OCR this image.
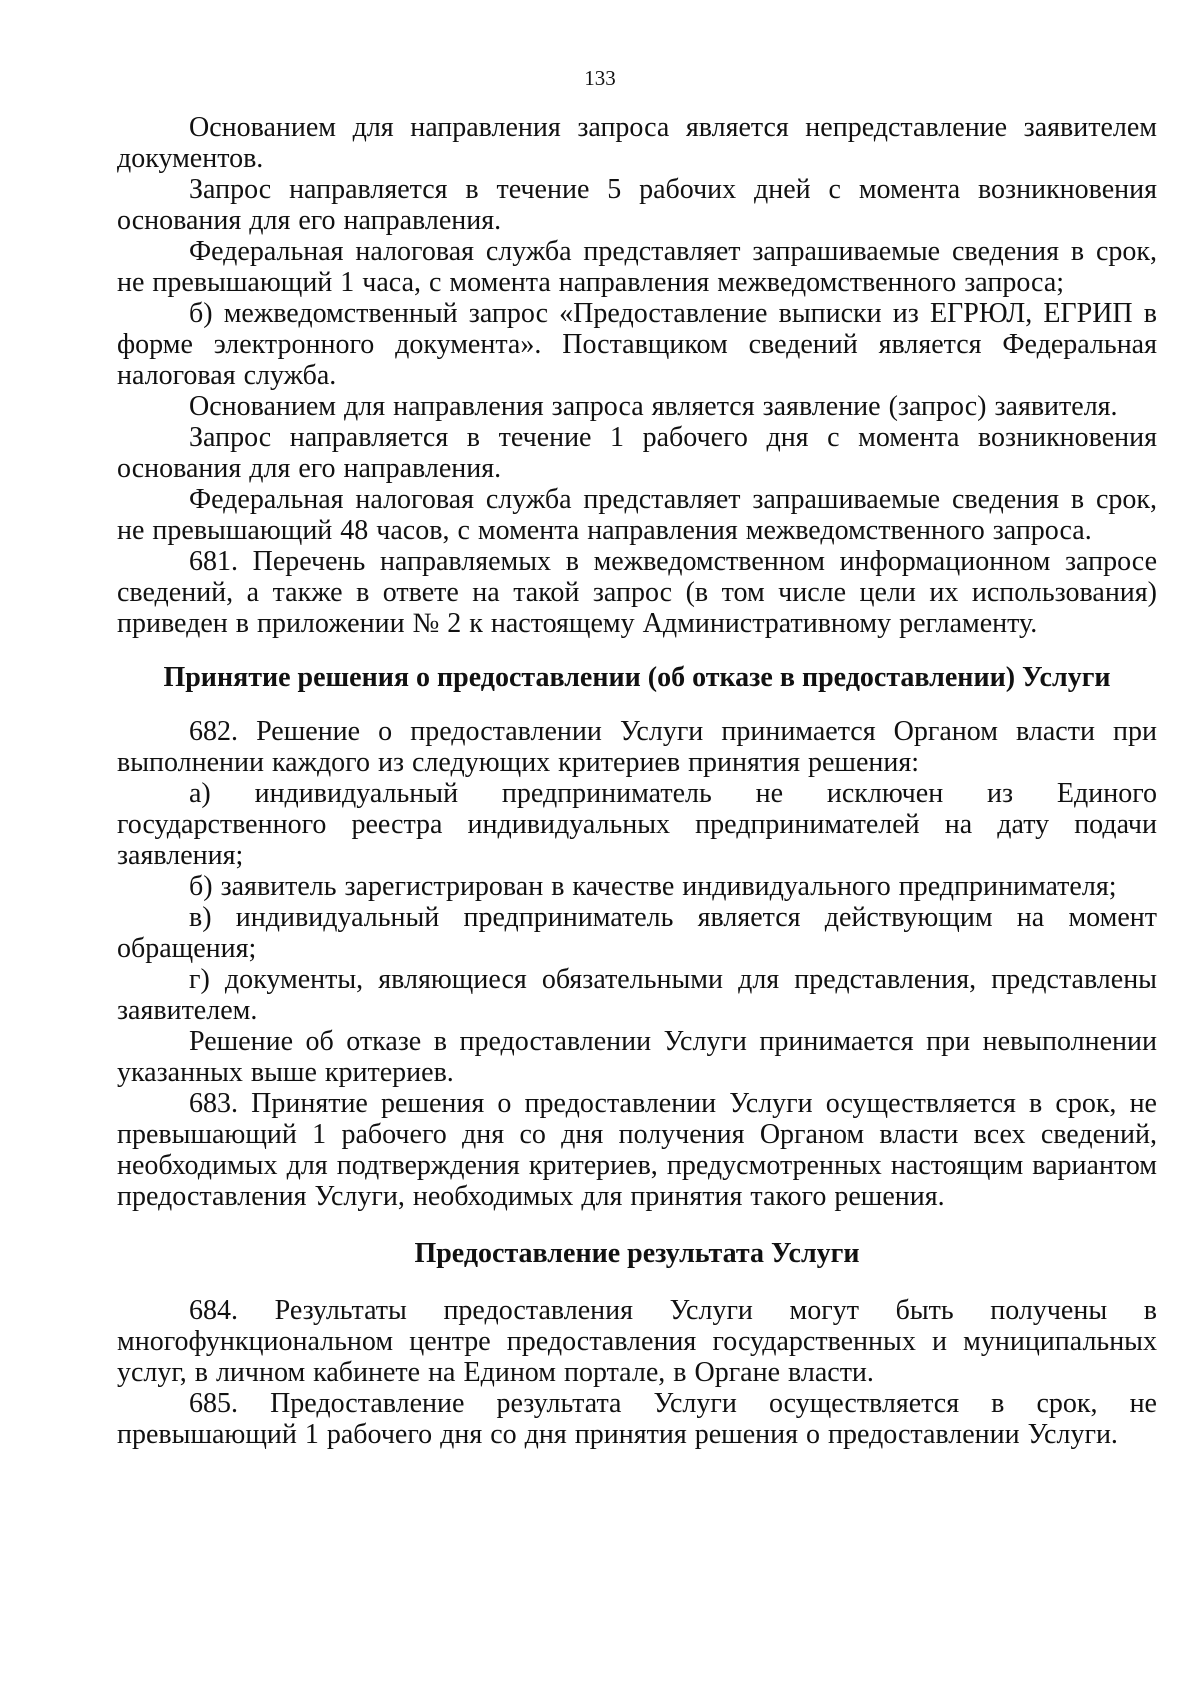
133

Основанием для направления запроса является непредставление заявителем документов.

Запрос направляется в течение 5 рабочих дней с момента возникновения основания для его направления.

Федеральная налоговая служба представляет запрашиваемые сведения в срок, не превышающий 1 часа, с момента направления межведомственного запроса;

б) межведомственный запрос «Предоставление выписки из ЕГРЮЛ, ЕГРИП в форме электронного документа». Поставщиком сведений является Федеральная налоговая служба.

Основанием для направления запроса является заявление (запрос) заявителя.

Запрос направляется в течение 1 рабочего дня с момента возникновения основания для его направления.

Федеральная налоговая служба представляет запрашиваемые сведения в срок, не превышающий 48 часов, с момента направления межведомственного запроса.

681. Перечень направляемых в межведомственном информационном запросе сведений, а также в ответе на такой запрос (в том числе цели их использования) приведен в приложении № 2 к настоящему Административному регламенту.

Принятие решения о предоставлении (об отказе в предоставлении) Услуги

682. Решение о предоставлении Услуги принимается Органом власти при выполнении каждого из следующих критериев принятия решения:

а) индивидуальный предприниматель не исключен из Единого государственного реестра индивидуальных предпринимателей на дату подачи заявления;

б) заявитель зарегистрирован в качестве индивидуального предпринимателя;

в) индивидуальный предприниматель является действующим на момент обращения;

г) документы, являющиеся обязательными для представления, представлены заявителем.

Решение об отказе в предоставлении Услуги принимается при невыполнении указанных выше критериев.

683. Принятие решения о предоставлении Услуги осуществляется в срок, не превышающий 1 рабочего дня со дня получения Органом власти всех сведений, необходимых для подтверждения критериев, предусмотренных настоящим вариантом предоставления Услуги, необходимых для принятия такого решения.

Предоставление результата Услуги

684. Результаты предоставления Услуги могут быть получены в многофункциональном центре предоставления государственных и муниципальных услуг, в личном кабинете на Едином портале, в Органе власти.

685. Предоставление результата Услуги осуществляется в срок, не превышающий 1 рабочего дня со дня принятия решения о предоставлении Услуги.
